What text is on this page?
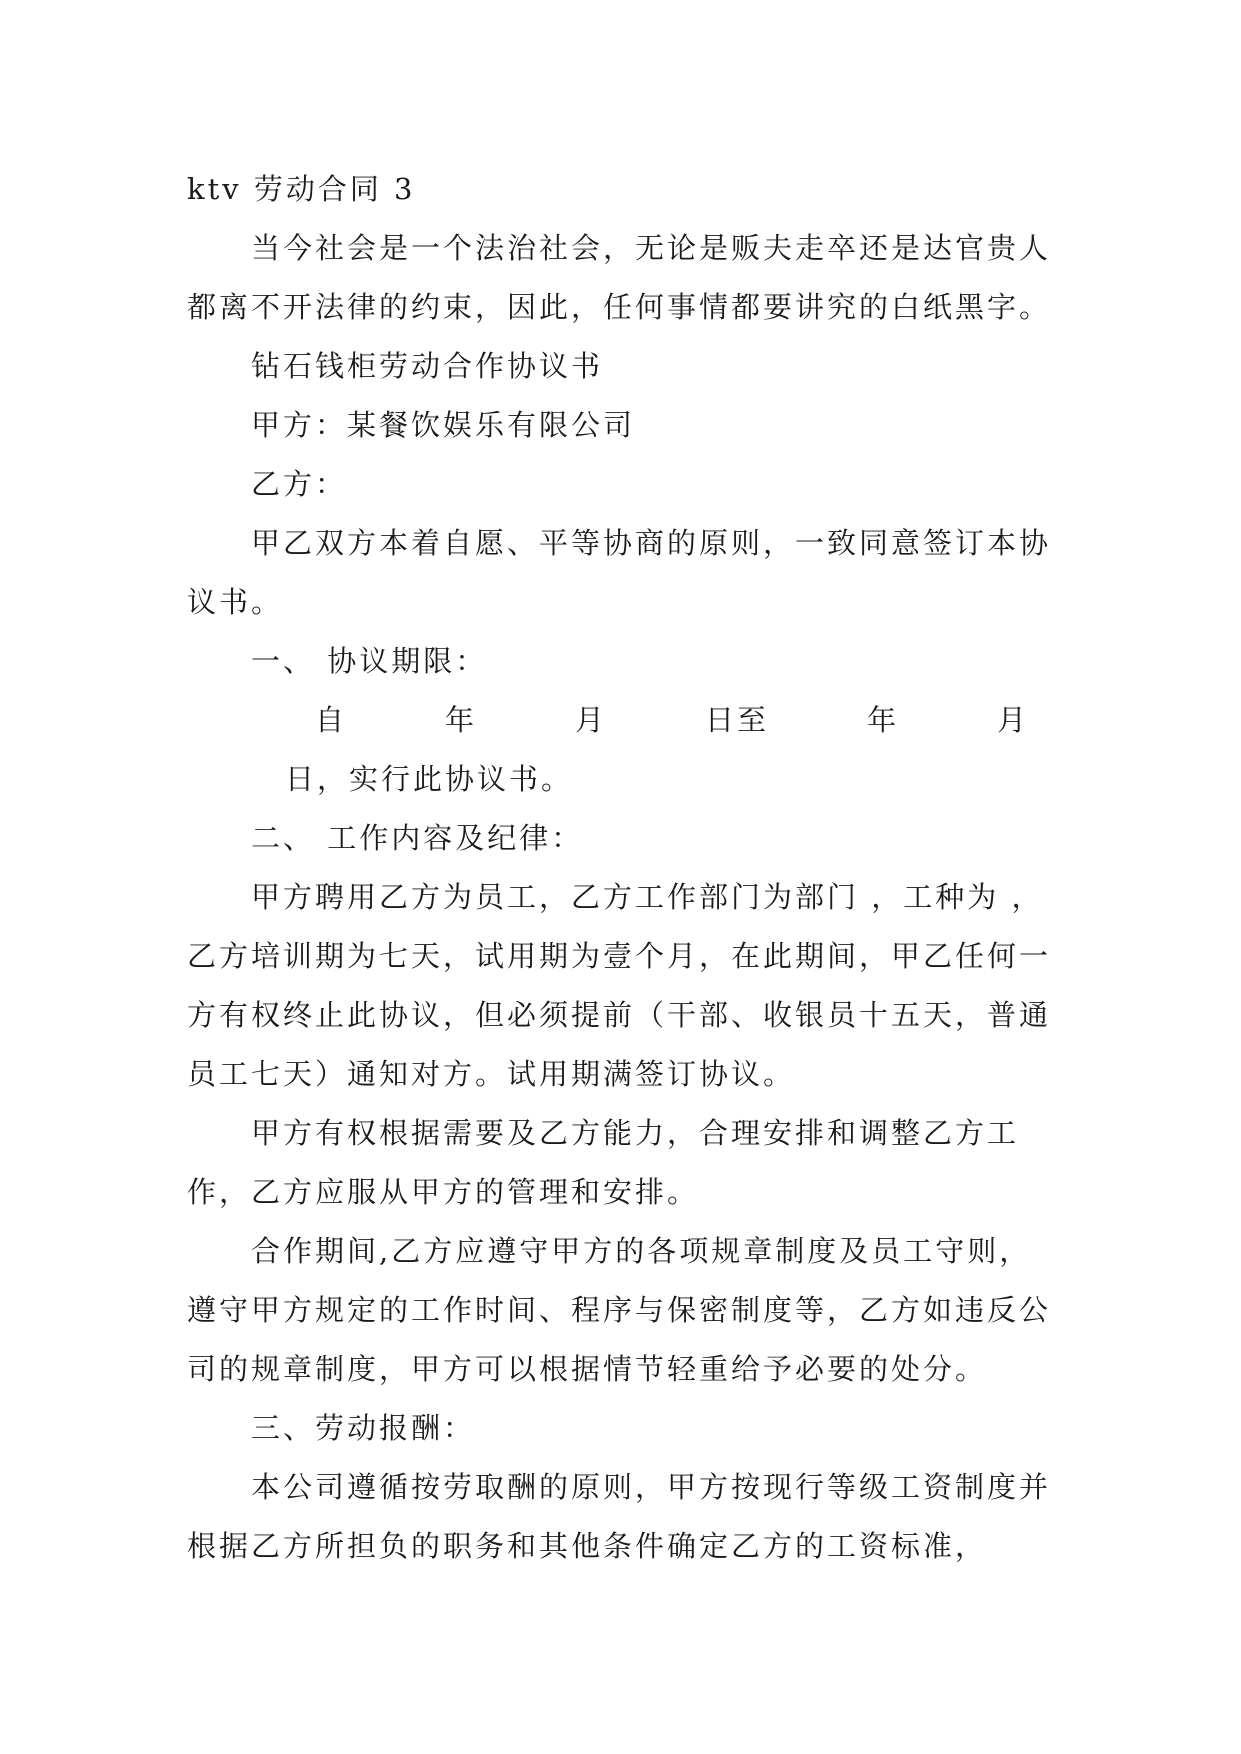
ktv 劳动合同 3

当今社会是一个法治社会，无论是贩夫走卒还是达官贵人都离不开法律的约束，因此，任何事情都要讲究的白纸黑字。

钻石钱柜劳动合作协议书

甲方：某餐饮娱乐有限公司

乙方：

甲乙双方本着自愿、平等协商的原则，一致同意签订本协议书。

一、 协议期限：

自	年	月	日至	年	月日，实行此协议书。

二、 工作内容及纪律：

甲方聘用乙方为员工，乙方工作部门为部门 ，工种为 ，乙方培训期为七天，试用期为壹个月，在此期间，甲乙任何一方有权终止此协议，但必须提前（干部、收银员十五天，普通员工七天）通知对方。试用期满签订协议。

甲方有权根据需要及乙方能力，合理安排和调整乙方工作，乙方应服从甲方的管理和安排。

合作期间,乙方应遵守甲方的各项规章制度及员工守则，遵守甲方规定的工作时间、程序与保密制度等，乙方如违反公司的规章制度，甲方可以根据情节轻重给予必要的处分。

三、劳动报酬：

本公司遵循按劳取酬的原则，甲方按现行等级工资制度并根据乙方所担负的职务和其他条件确定乙方的工资标准，
